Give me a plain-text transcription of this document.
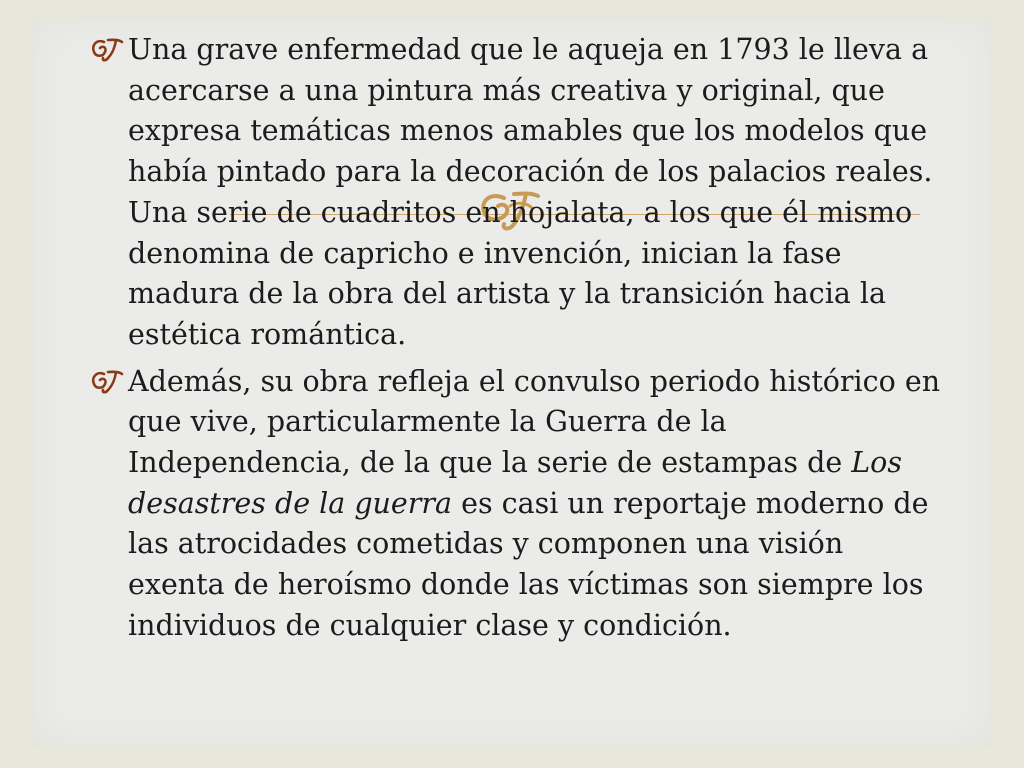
Una grave enfermedad que le aqueja en 1793 le lleva a acercarse a una pintura más creativa y original, que expresa temáticas menos amables que los modelos que había pintado para la decoración de los palacios reales. Una serie de cuadritos en hojalata, a los que él mismo denomina de capricho e invención, inician la fase madura de la obra del artista y la transición hacia la estética romántica.
Además, su obra refleja el convulso periodo histórico en que vive, particularmente la Guerra de la Independencia, de la que la serie de estampas de Los desastres de la guerra es casi un reportaje moderno de las atrocidades cometidas y componen una visión exenta de heroísmo donde las víctimas son siempre los individuos de cualquier clase y condición.
